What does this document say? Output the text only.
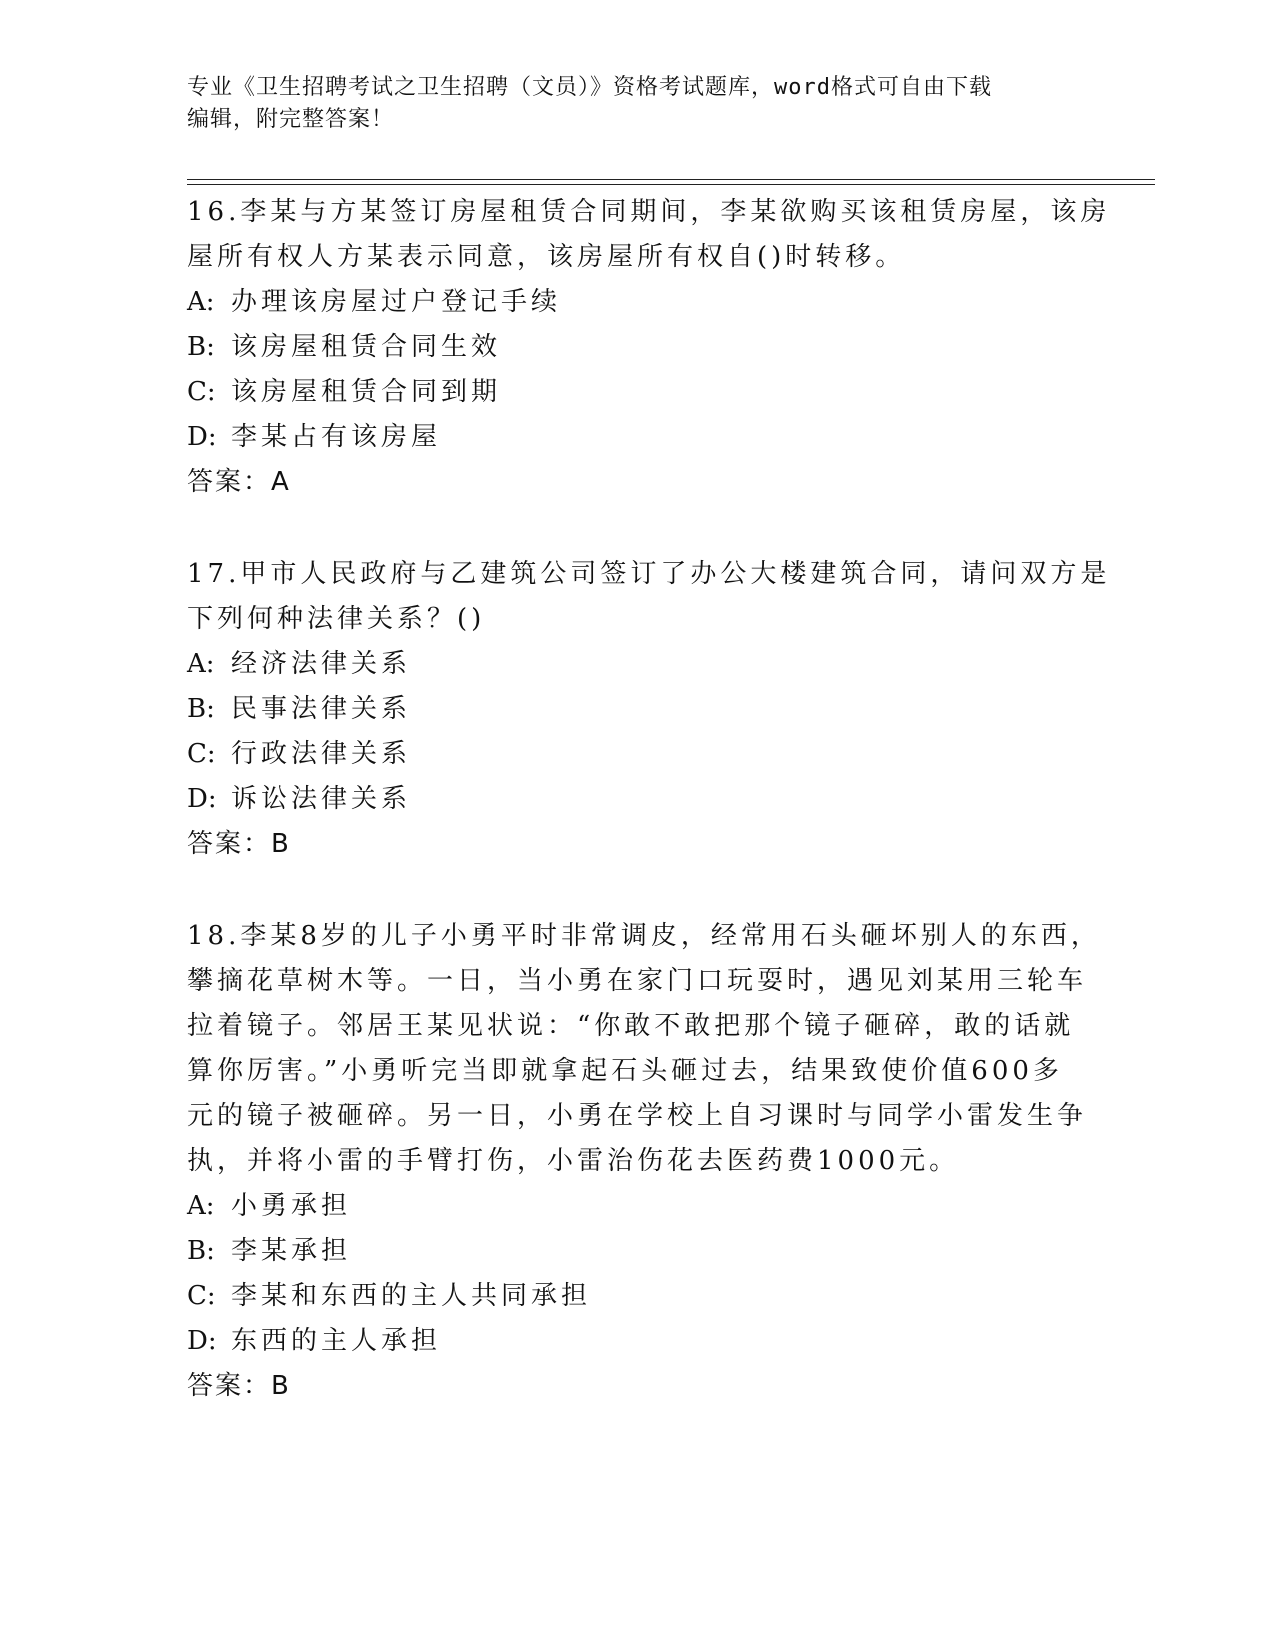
专业《卫生招聘考试之卫生招聘（文员）》资格考试题库，word格式可自由下载
编辑，附完整答案！
16.李某与方某签订房屋租赁合同期间，李某欲购买该租赁房屋，该房
屋所有权人方某表示同意，该房屋所有权自()时转移。
A: 办理该房屋过户登记手续
B: 该房屋租赁合同生效
C: 该房屋租赁合同到期
D: 李某占有该房屋
答案：A
17.甲市人民政府与乙建筑公司签订了办公大楼建筑合同，请问双方是
下列何种法律关系？()
A: 经济法律关系
B: 民事法律关系
C: 行政法律关系
D: 诉讼法律关系
答案：B
18.李某8岁的儿子小勇平时非常调皮，经常用石头砸坏别人的东西，
攀摘花草树木等。一日，当小勇在家门口玩耍时，遇见刘某用三轮车
拉着镜子。邻居王某见状说：“你敢不敢把那个镜子砸碎，敢的话就
算你厉害。”小勇听完当即就拿起石头砸过去，结果致使价值600多
元的镜子被砸碎。另一日，小勇在学校上自习课时与同学小雷发生争
执，并将小雷的手臂打伤，小雷治伤花去医药费1000元。
A: 小勇承担
B: 李某承担
C: 李某和东西的主人共同承担
D: 东西的主人承担
答案：B
